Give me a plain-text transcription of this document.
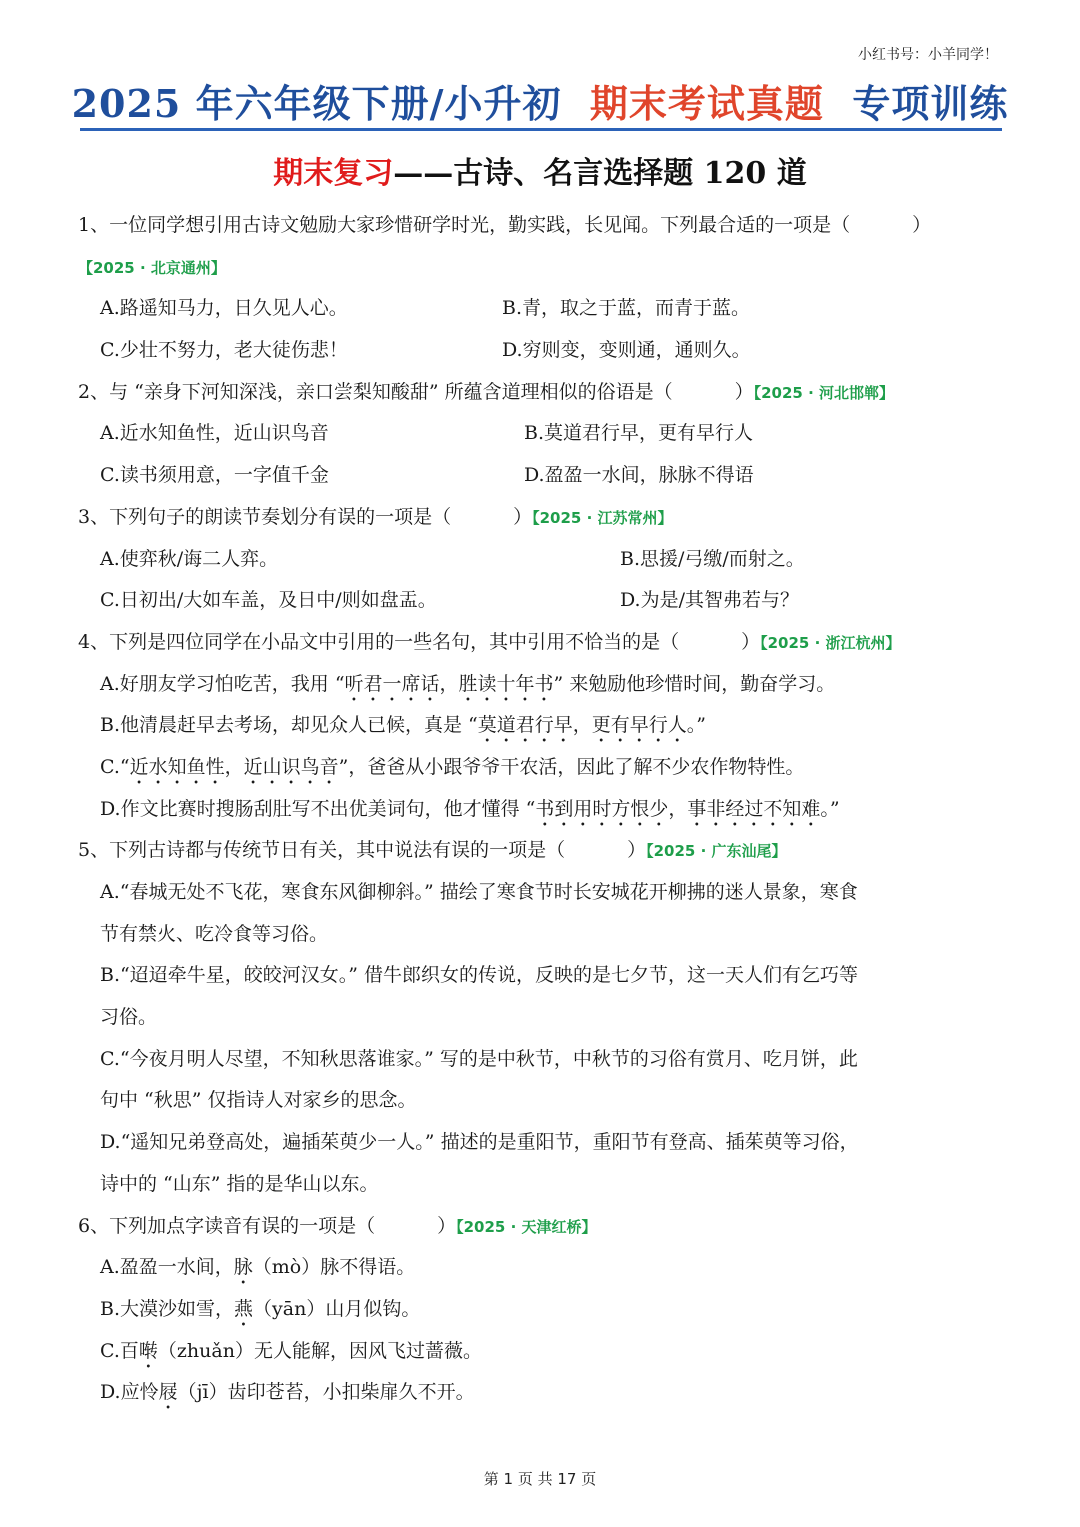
小红书号：小羊同学！
2025 年六年级下册/小升初 期末考试真题 专项训练
期末复习——古诗、名言选择题 120 道
1、一位同学想引用古诗文勉励大家珍惜研学时光，勤实践，长见闻。下列最合适的一项是（	）
【2025 · 北京通州】
A.路遥知马力，日久见人心。	B.青，取之于蓝，而青于蓝。
C.少壮不努力，老大徒伤悲！	D.穷则变，变则通，通则久。
2、与 “亲身下河知深浅，亲口尝梨知酸甜” 所蕴含道理相似的俗语是（	）【2025 · 河北邯郸】
A.近水知鱼性，近山识鸟音	B.莫道君行早，更有早行人
C.读书须用意，一字值千金	D.盈盈一水间，脉脉不得语
3、下列句子的朗读节奏划分有误的一项是（	）【2025 · 江苏常州】
A.使弈秋/诲二人弈。	B.思援/弓缴/而射之。
C.日初出/大如车盖，及日中/则如盘盂。	D.为是/其智弗若与？
4、下列是四位同学在小品文中引用的一些名句，其中引用不恰当的是（	）【2025 · 浙江杭州】
A.好朋友学习怕吃苦，我用 “听君一席话，胜读十年书” 来勉励他珍惜时间，勤奋学习。
B.他清晨赶早去考场，却见众人已候，真是 “莫道君行早，更有早行人。”
C.“近水知鱼性，近山识鸟音”，爸爸从小跟爷爷干农活，因此了解不少农作物特性。
D.作文比赛时搜肠刮肚写不出优美词句，他才懂得 “书到用时方恨少，事非经过不知难。”
5、下列古诗都与传统节日有关，其中说法有误的一项是（	）【2025 · 广东汕尾】
A.“春城无处不飞花，寒食东风御柳斜。” 描绘了寒食节时长安城花开柳拂的迷人景象，寒食
节有禁火、吃冷食等习俗。
B.“迢迢牵牛星，皎皎河汉女。” 借牛郎织女的传说，反映的是七夕节，这一天人们有乞巧等
习俗。
C.“今夜月明人尽望，不知秋思落谁家。” 写的是中秋节，中秋节的习俗有赏月、吃月饼，此
句中 “秋思” 仅指诗人对家乡的思念。
D.“遥知兄弟登高处，遍插茱萸少一人。” 描述的是重阳节，重阳节有登高、插茱萸等习俗，
诗中的 “山东” 指的是华山以东。
6、下列加点字读音有误的一项是（	）【2025 · 天津红桥】
A.盈盈一水间，脉（mò）脉不得语。
B.大漠沙如雪，燕（yān）山月似钩。
C.百啭（zhuǎn）无人能解，因风飞过蔷薇。
D.应怜屐（jī）齿印苍苔，小扣柴扉久不开。
第 1 页 共 17 页
